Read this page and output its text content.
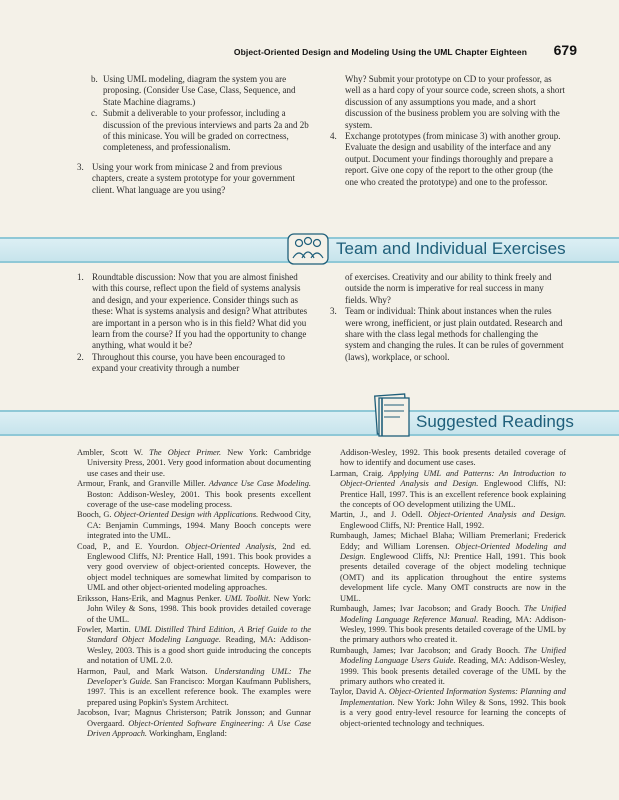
Object-Oriented Design and Modeling Using the UML Chapter Eighteen 679

b. Using UML modeling, diagram the system you are proposing. (Consider Use Case, Class, Sequence, and State Machine diagrams.)

c. Submit a deliverable to your professor, including a discussion of the previous interviews and parts 2a and 2b of this minicase. You will be graded on correctness, completeness, and professionalism.

3. Using your work from minicase 2 and from previous chapters, create a system prototype for your government client. What language are you using?

Why? Submit your prototype on CD to your professor, as well as a hard copy of your source code, screen shots, a short discussion of any assumptions you made, and a short discussion of the business problem you are solving with the system.

4. Exchange prototypes (from minicase 3) with another group. Evaluate the design and usability of the interface and any output. Document your findings thoroughly and prepare a report. Give one copy of the report to the other group (the one who created the prototype) and one to the professor.

Team and Individual Exercises

1. Roundtable discussion: Now that you are almost finished with this course, reflect upon the field of systems analysis and design, and your experience. Consider things such as these: What is systems analysis and design? What attributes are important in a person who is in this field? What did you learn from the course? If you had the opportunity to change anything, what would it be?

2. Throughout this course, you have been encouraged to expand your creativity through a number

of exercises. Creativity and our ability to think freely and outside the norm is imperative for real success in many fields. Why?

3. Team or individual: Think about instances when the rules were wrong, inefficient, or just plain outdated. Research and share with the class legal methods for challenging the system and changing the rules. It can be rules of government (laws), workplace, or school.

Suggested Readings

Ambler, Scott W. The Object Primer. New York: Cambridge University Press, 2001. Very good information about documenting use cases and their use.

Armour, Frank, and Granville Miller. Advance Use Case Modeling. Boston: Addison-Wesley, 2001. This book presents excellent coverage of the use-case modeling process.

Booch, G. Object-Oriented Design with Applications. Redwood City, CA: Benjamin Cummings, 1994. Many Booch concepts were integrated into the UML.

Coad, P., and E. Yourdon. Object-Oriented Analysis, 2nd ed. Englewood Cliffs, NJ: Prentice Hall, 1991. This book provides a very good overview of object-oriented concepts. However, the object model techniques are somewhat limited by comparison to UML and other object-oriented modeling approaches.

Eriksson, Hans-Erik, and Magnus Penker. UML Toolkit. New York: John Wiley & Sons, 1998. This book provides detailed coverage of the UML.

Fowler, Martin. UML Distilled Third Edition, A Brief Guide to the Standard Object Modeling Language. Reading, MA: Addison-Wesley, 2003. This is a good short guide introducing the concepts and notation of UML 2.0.

Harmon, Paul, and Mark Watson. Understanding UML: The Developer's Guide. San Francisco: Morgan Kaufmann Publishers, 1997. This is an excellent reference book. The examples were prepared using Popkin's System Architect.

Jacobson, Ivar; Magnus Christerson; Patrik Jonsson; and Gunnar Overgaard. Object-Oriented Software Engineering: A Use Case Driven Approach. Workingham, England:

Addison-Wesley, 1992. This book presents detailed coverage of how to identify and document use cases.

Larman, Craig. Applying UML and Patterns: An Introduction to Object-Oriented Analysis and Design. Englewood Cliffs, NJ: Prentice Hall, 1997. This is an excellent reference book explaining the concepts of OO development utilizing the UML.

Martin, J., and J. Odell. Object-Oriented Analysis and Design. Englewood Cliffs, NJ: Prentice Hall, 1992.

Rumbaugh, James; Michael Blaha; William Premerlani; Frederick Eddy; and William Lorensen. Object-Oriented Modeling and Design. Englewood Cliffs, NJ: Prentice Hall, 1991. This book presents detailed coverage of the object modeling technique (OMT) and its application throughout the entire systems development life cycle. Many OMT constructs are now in the UML.

Rumbaugh, James; Ivar Jacobson; and Grady Booch. The Unified Modeling Language Reference Manual. Reading, MA: Addison-Wesley, 1999. This book presents detailed coverage of the UML by the primary authors who created it.

Rumbaugh, James; Ivar Jacobson; and Grady Booch. The Unified Modeling Language Users Guide. Reading, MA: Addison-Wesley, 1999. This book presents detailed coverage of the UML by the primary authors who created it.

Taylor, David A. Object-Oriented Information Systems: Planning and Implementation. New York: John Wiley & Sons, 1992. This book is a very good entry-level resource for learning the concepts of object-oriented technology and techniques.
